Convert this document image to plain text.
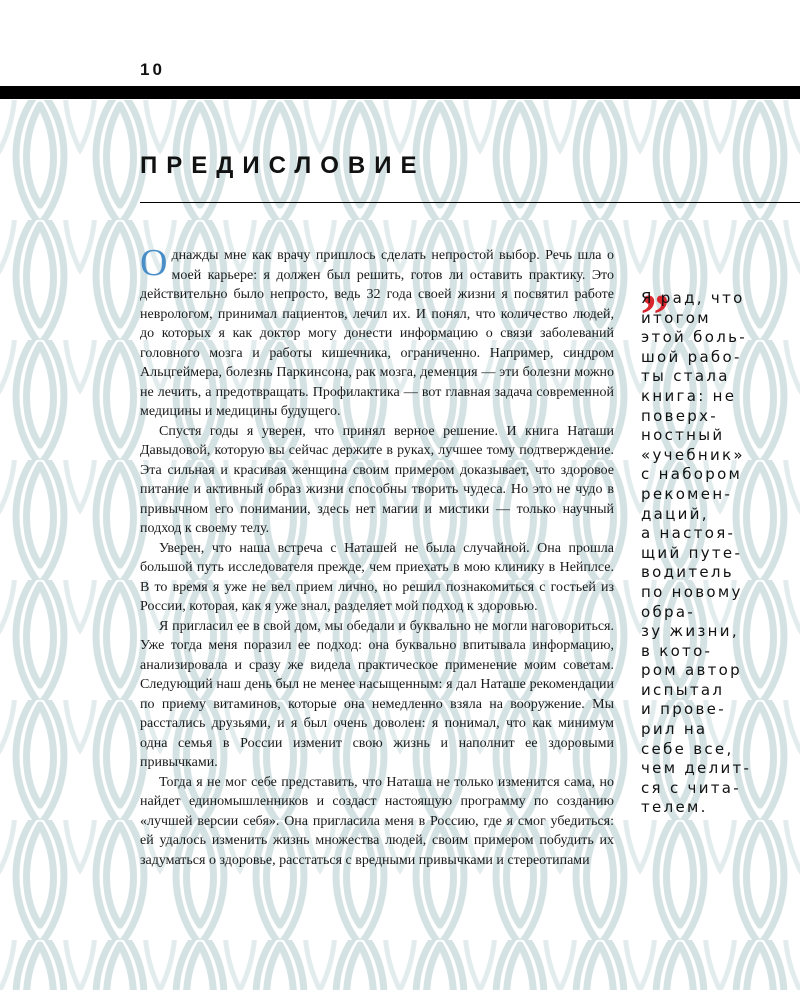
10
ПРЕДИСЛОВИЕ

Однажды мне как врачу пришлось сделать непростой выбор. Речь шла о моей карьере: я должен был решить, готов ли оставить практику. Это действительно было непросто, ведь 32 года своей жизни я посвятил работе неврологом, принимал пациентов, лечил их. И понял, что количество людей, до которых я как доктор могу донести информацию о связи заболеваний головного мозга и работы кишечника, ограниченно. Например, синдром Альцгеймера, болезнь Паркинсона, рак мозга, деменция — эти болезни можно не лечить, а предотвращать. Профилактика — вот главная задача современной медицины и медицины будущего.

Спустя годы я уверен, что принял верное решение. И книга Наташи Давыдовой, которую вы сейчас держите в руках, лучшее тому подтверждение. Эта сильная и красивая женщина своим примером доказывает, что здоровое питание и активный образ жизни способны творить чудеса. Но это не чудо в привычном его понимании, здесь нет магии и мистики — только научный подход к своему телу.

Уверен, что наша встреча с Наташей не была случайной. Она прошла большой путь исследователя прежде, чем приехать в мою клинику в Нейплсе. В то время я уже не вел прием лично, но решил познакомиться с гостьей из России, которая, как я уже знал, разделяет мой подход к здоровью.

Я пригласил ее в свой дом, мы обедали и буквально не могли наговориться. Уже тогда меня поразил ее подход: она буквально впитывала информацию, анализировала и сразу же видела практическое применение моим советам. Следующий наш день был не менее насыщенным: я дал Наташе рекомендации по приему витаминов, которые она немедленно взяла на вооружение. Мы расстались друзьями, и я был очень доволен: я понимал, что как минимум одна семья в России изменит свою жизнь и наполнит ее здоровыми привычками.

Тогда я не мог себе представить, что Наташа не только изменится сама, но найдет единомышленников и создаст настоящую программу по созданию «лучшей версии себя». Она пригласила меня в Россию, где я смог убедиться: ей удалось изменить жизнь множества людей, своим примером побудить их задуматься о здоровье, расстаться с вредными привычками и стереотипами

„
Я рад, что
итогом
этой боль-
шой рабо-
ты стала
книга: не
поверх-
ностный
«учебник»
с набором
рекомен-
даций,
а настоя-
щий путе-
водитель
по новому
обра-
зу жизни,
в кото-
ром автор
испытал
и прове-
рил на
себе все,
чем делит-
ся с чита-
телем.
